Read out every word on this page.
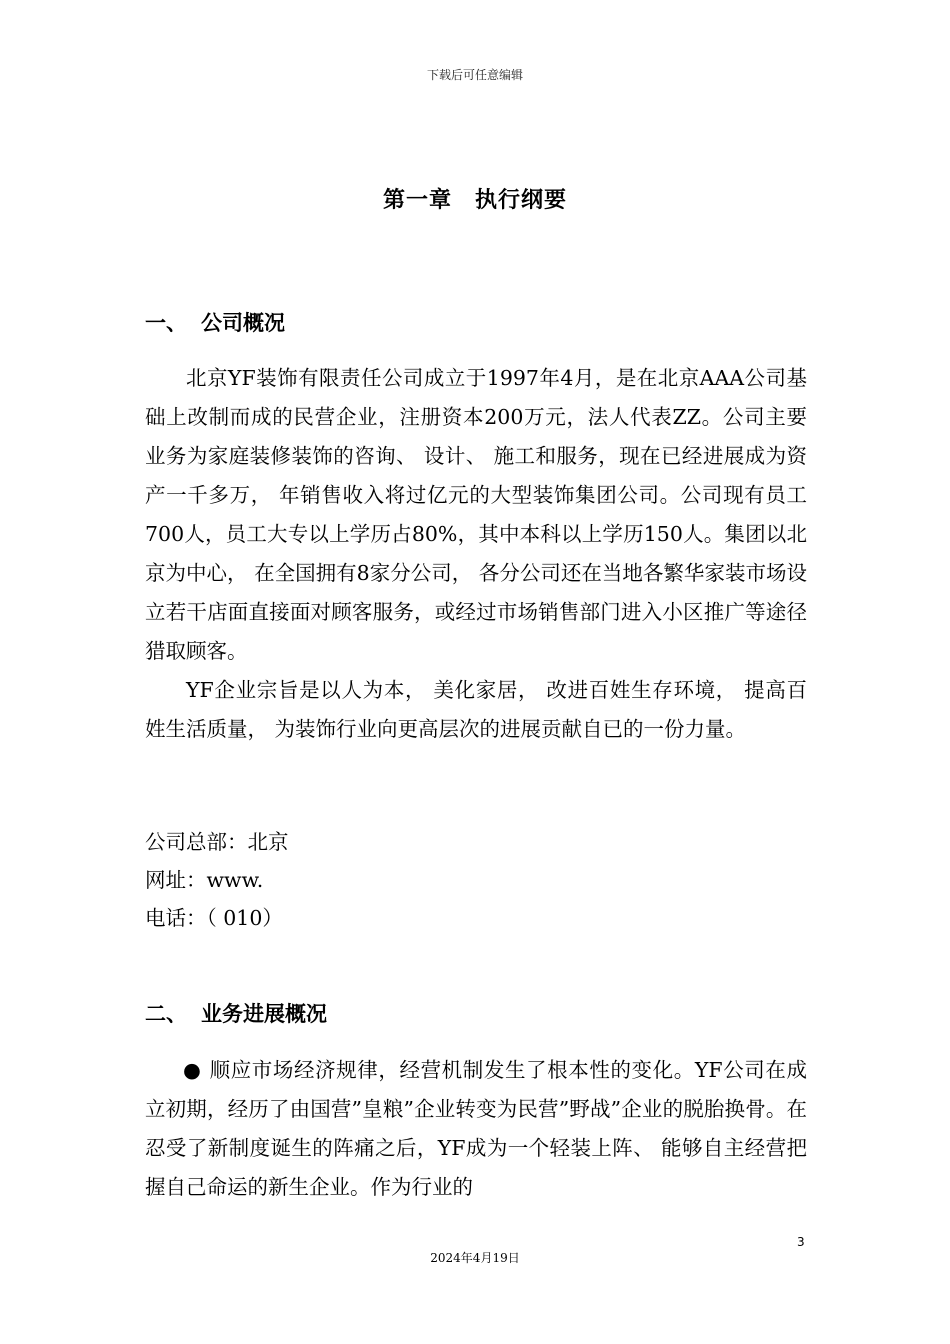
下载后可任意编辑
第一章　执行纲要
一、 公司概况
北京YF装饰有限责任公司成立于1997年4月，是在北京AAA公司基础上改制而成的民营企业，注册资本200万元，法人代表ZZ。公司主要业务为家庭装修装饰的咨询、 设计、 施工和服务，现在已经进展成为资产一千多万， 年销售收入将过亿元的大型装饰集团公司。公司现有员工700人，员工大专以上学历占80%，其中本科以上学历150人。集团以北京为中心， 在全国拥有8家分公司， 各分公司还在当地各繁华家装市场设立若干店面直接面对顾客服务，或经过市场销售部门进入小区推广等途径猎取顾客。
YF企业宗旨是以人为本， 美化家居， 改进百姓生存环境， 提高百姓生活质量， 为装饰行业向更高层次的进展贡献自已的一份力量。
公司总部：北京
网址：www.
电话：（ 010）
二、 业务进展概况
● 顺应市场经济规律，经营机制发生了根本性的变化。YF公司在成立初期，经历了由国营”皇粮”企业转变为民营”野战”企业的脱胎换骨。在忍受了新制度诞生的阵痛之后，YF成为一个轻装上阵、 能够自主经营把握自己命运的新生企业。作为行业的
3
2024年4月19日
